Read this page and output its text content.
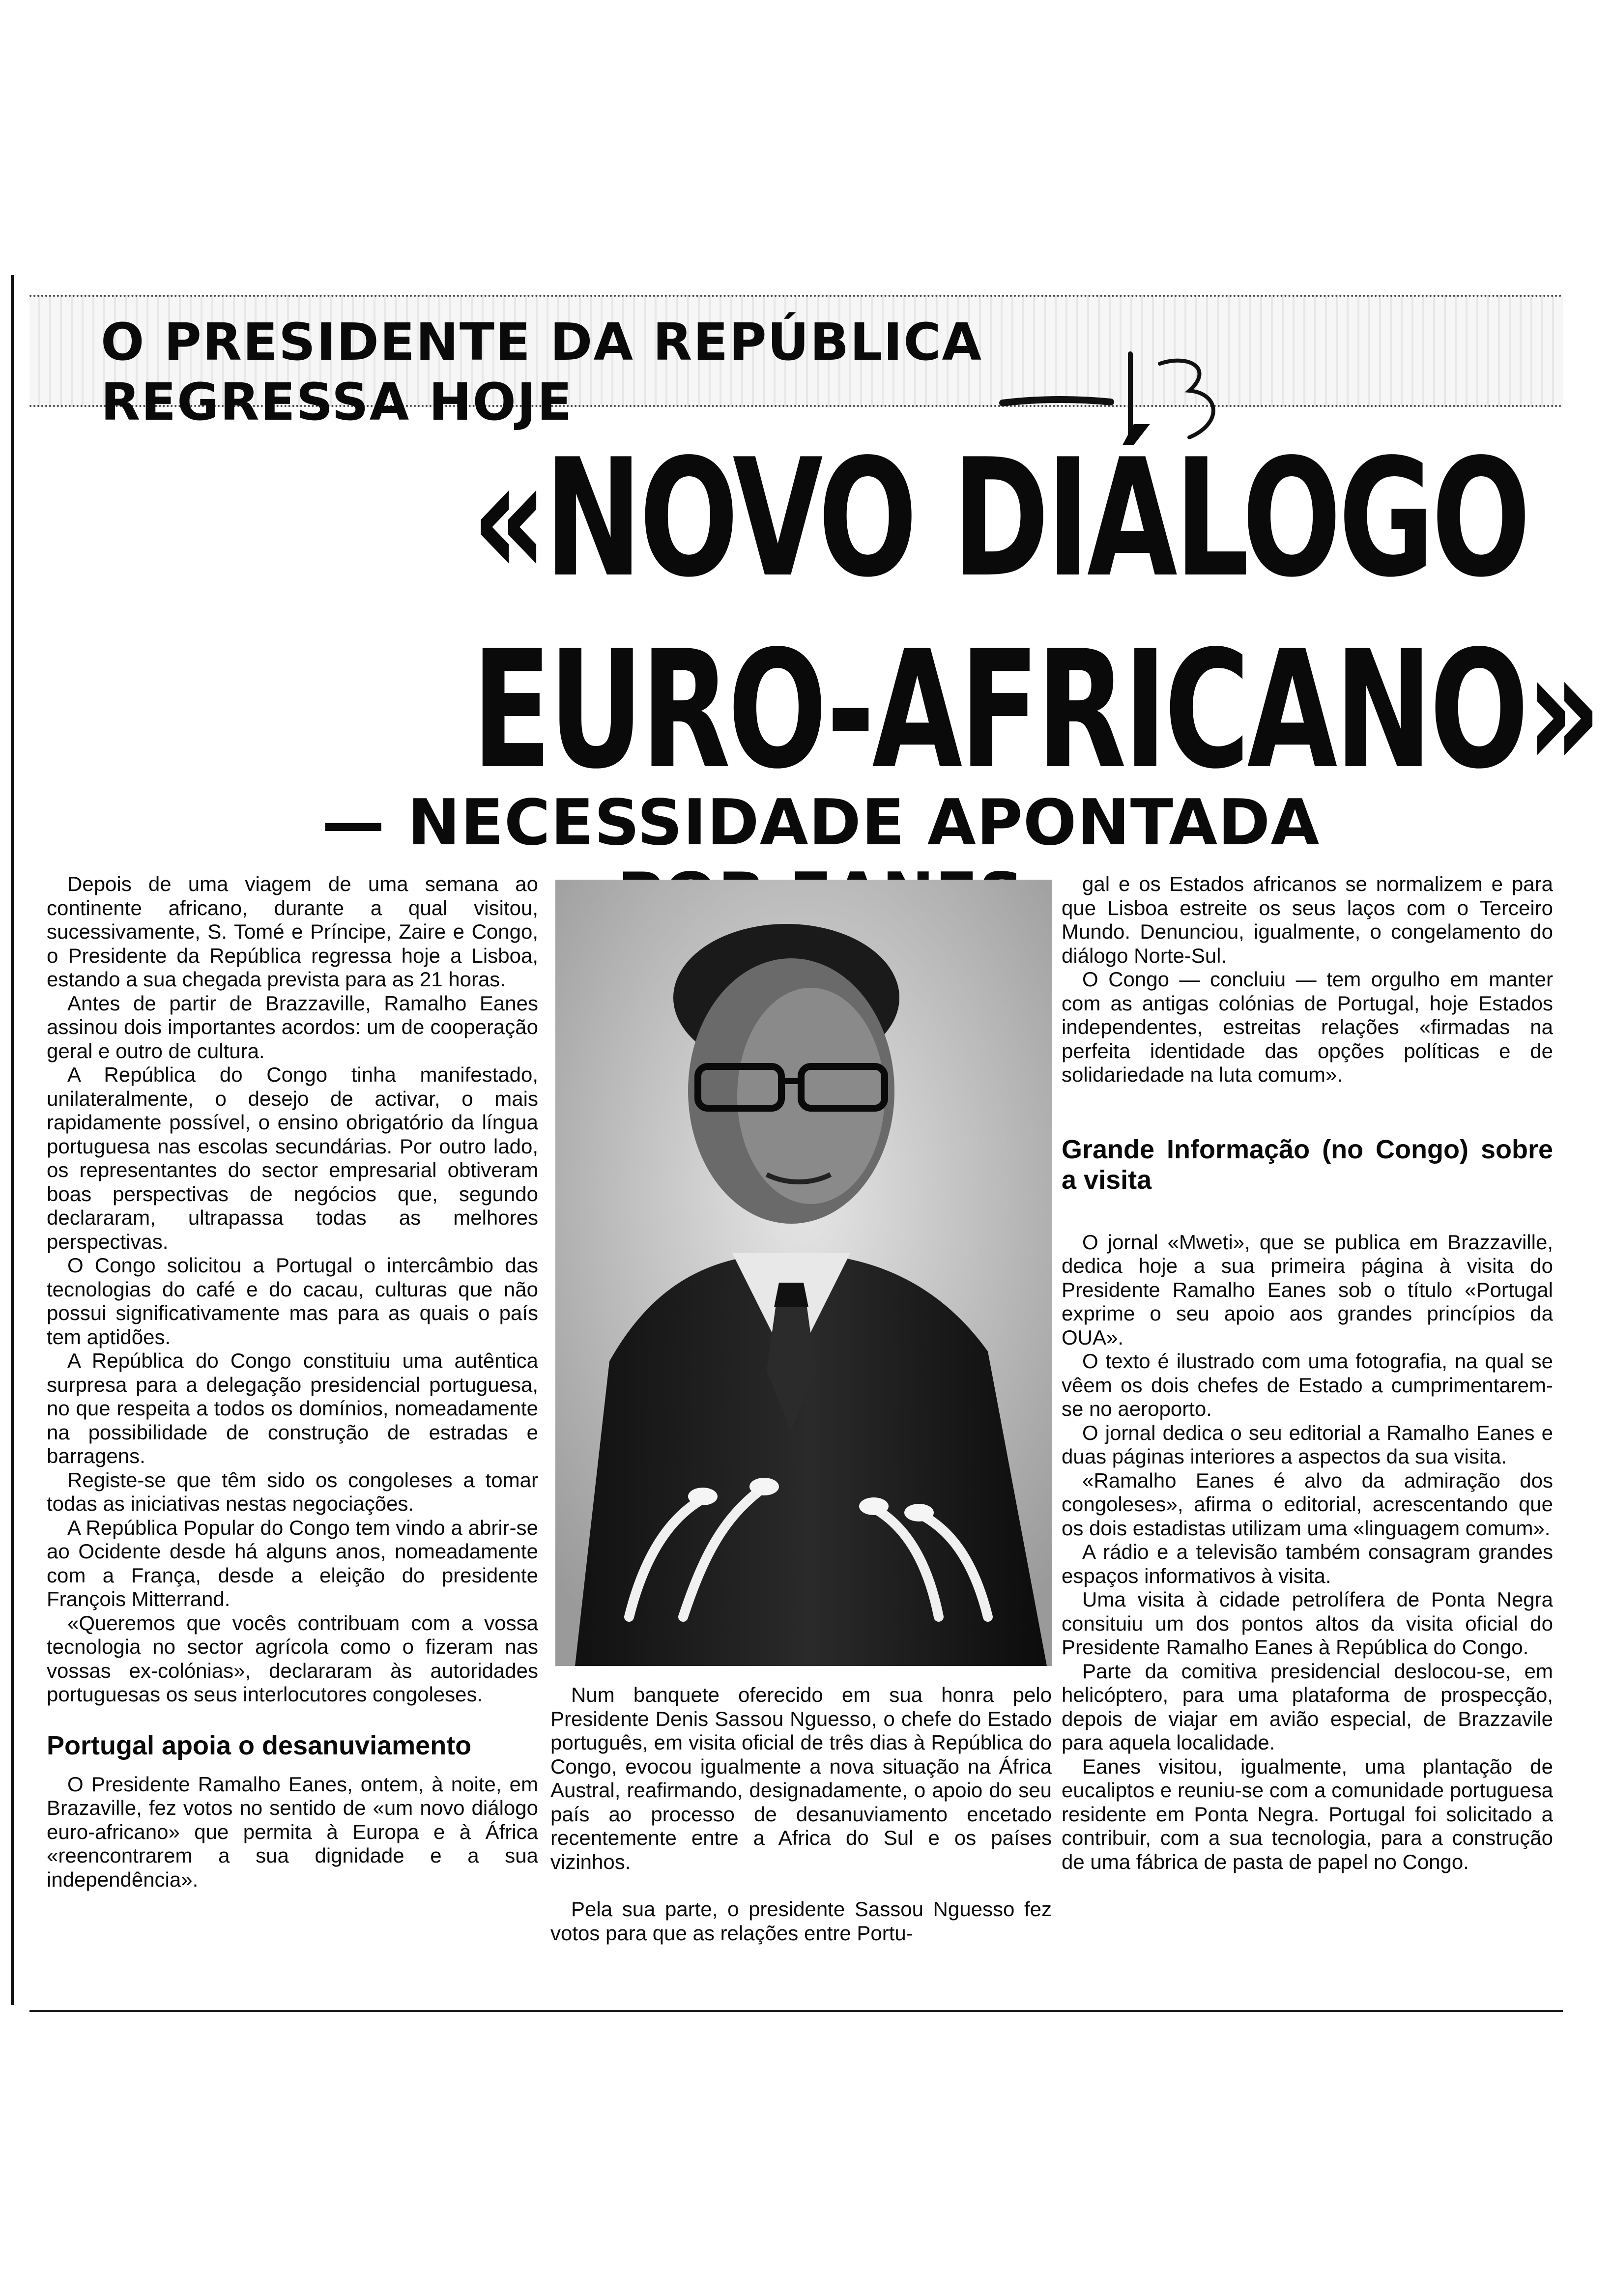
O PRESIDENTE DA REPÚBLICA REGRESSA HOJE
«NOVO DIÁLOGO
EURO-AFRICANO»
— NECESSIDADE APONTADA

Depois de uma viagem de uma semana ao continente africano, durante a qual visitou, sucessivamente, S. Tomé e Príncipe, Zaire e Congo, o Presidente da República regressa hoje a Lisboa, estando a sua chegada prevista para as 21 horas.

Antes de partir de Brazzaville, Ramalho Eanes assinou dois importantes acordos: um de cooperação geral e outro de cultura.

A República do Congo tinha manifestado, unilateralmente, o desejo de activar, o mais rapidamente possível, o ensino obrigatório da língua portuguesa nas escolas secundárias. Por outro lado, os representantes do sector empresarial obtiveram boas perspectivas de negócios que, segundo declararam, ultrapassa todas as melhores perspectivas.

O Congo solicitou a Portugal o intercâmbio das tecnologias do café e do cacau, culturas que não possui significativamente mas para as quais o país tem aptidões.

A República do Congo constituiu uma autêntica surpresa para a delegação presidencial portuguesa, no que respeita a todos os domínios, nomeadamente na possibilidade de construção de estradas e barragens.

Registe-se que têm sido os congoleses a tomar todas as iniciativas nestas negociações.

A República Popular do Congo tem vindo a abrir-se ao Ocidente desde há alguns anos, nomeadamente com a França, desde a eleição do presidente François Mitterrand.

«Queremos que vocês contribuam com a vossa tecnologia no sector agrícola como o fizeram nas vossas ex-colónias», declararam às autoridades portuguesas os seus interlocutores congoleses.

Portugal apoia o desanuviamento

O Presidente Ramalho Eanes, ontem, à noite, em Brazaville, fez votos no sentido de «um novo diálogo euro-africano» que permita à Europa e à África «reencontrarem a sua dignidade e a sua independência».

Num banquete oferecido em sua honra pelo Presidente Denis Sassou Nguesso, o chefe do Estado português, em visita oficial de três dias à República do Congo, evocou igualmente a nova situação na África Austral, reafirmando, designadamente, o apoio do seu país ao processo de desanuviamento encetado recentemente entre a Africa do Sul e os países vizinhos.

Pela sua parte, o presidente Sassou Nguesso fez votos para que as relações entre Portu-

gal e os Estados africanos se normalizem e para que Lisboa estreite os seus laços com o Terceiro Mundo. Denunciou, igualmente, o congelamento do diálogo Norte-Sul.

O Congo — concluiu — tem orgulho em manter com as antigas colónias de Portugal, hoje Estados independentes, estreitas relações «firmadas na perfeita identidade das opções políticas e de solidariedade na luta comum».

Grande Informação (no Congo) sobre a visita

O jornal «Mweti», que se publica em Brazzaville, dedica hoje a sua primeira página à visita do Presidente Ramalho Eanes sob o título «Portugal exprime o seu apoio aos grandes princípios da OUA».

O texto é ilustrado com uma fotografia, na qual se vêem os dois chefes de Estado a cumprimentarem-se no aeroporto.

O jornal dedica o seu editorial a Ramalho Eanes e duas páginas interiores a aspectos da sua visita.

«Ramalho Eanes é alvo da admiração dos congoleses», afirma o editorial, acrescentando que os dois estadistas utilizam uma «linguagem comum».

A rádio e a televisão também consagram grandes espaços informativos à visita.

Uma visita à cidade petrolífera de Ponta Negra consituiu um dos pontos altos da visita oficial do Presidente Ramalho Eanes à República do Congo.

Parte da comitiva presidencial deslocou-se, em helicóptero, para uma plataforma de prospecção, depois de viajar em avião especial, de Brazzavile para aquela localidade.

Eanes visitou, igualmente, uma plantação de eucaliptos e reuniu-se com a comunidade portuguesa residente em Ponta Negra. Portugal foi solicitado a contribuir, com a sua tecnologia, para a construção de uma fábrica de pasta de papel no Congo.
